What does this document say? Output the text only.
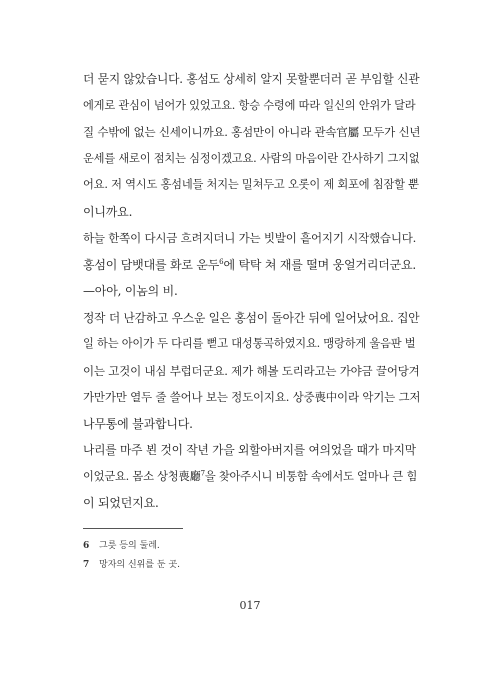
더 묻지 않았습니다. 홍섬도 상세히 알지 못할뿐더러 곧 부임할 신관
에게로 관심이 넘어가 있었고요. 항승 수령에 따라 일신의 안위가 달라
질 수밖에 없는 신세이니까요. 홍섬만이 아니라 관속官屬 모두가 신년
운세를 새로이 점치는 심정이겠고요. 사람의 마음이란 간사하기 그지없
어요. 저 역시도 홍섬네들 처지는 밀쳐두고 오롯이 제 회포에 침잠할 뿐
이니까요.

하늘 한쪽이 다시금 흐려지더니 가는 빗발이 흩어지기 시작했습니다.
홍섬이 담뱃대를 화로 운두$^6$에 탁탁 쳐 재를 떨며 웅얼거리더군요.

—아아, 이놈의 비.

정작 더 난감하고 우스운 일은 홍섬이 돌아간 뒤에 일어났어요. 집안
일 하는 아이가 두 다리를 뻗고 대성통곡하였지요. 맹랑하게 울음판 벌
이는 고것이 내심 부럽더군요. 제가 해볼 도리라고는 가야금 끌어당겨
가만가만 열두 줄 쓸어나 보는 정도이지요. 상중喪中이라 악기는 그저
나무통에 불과합니다.

나리를 마주 뵌 것이 작년 가을 외할아버지를 여의었을 때가 마지막
이었군요. 몸소 상청喪廳$^7$을 찾아주시니 비통함 속에서도 얼마나 큰 힘
이 되었던지요.

6 그릇 등의 둘레.
7 망자의 신위를 둔 곳.
017
